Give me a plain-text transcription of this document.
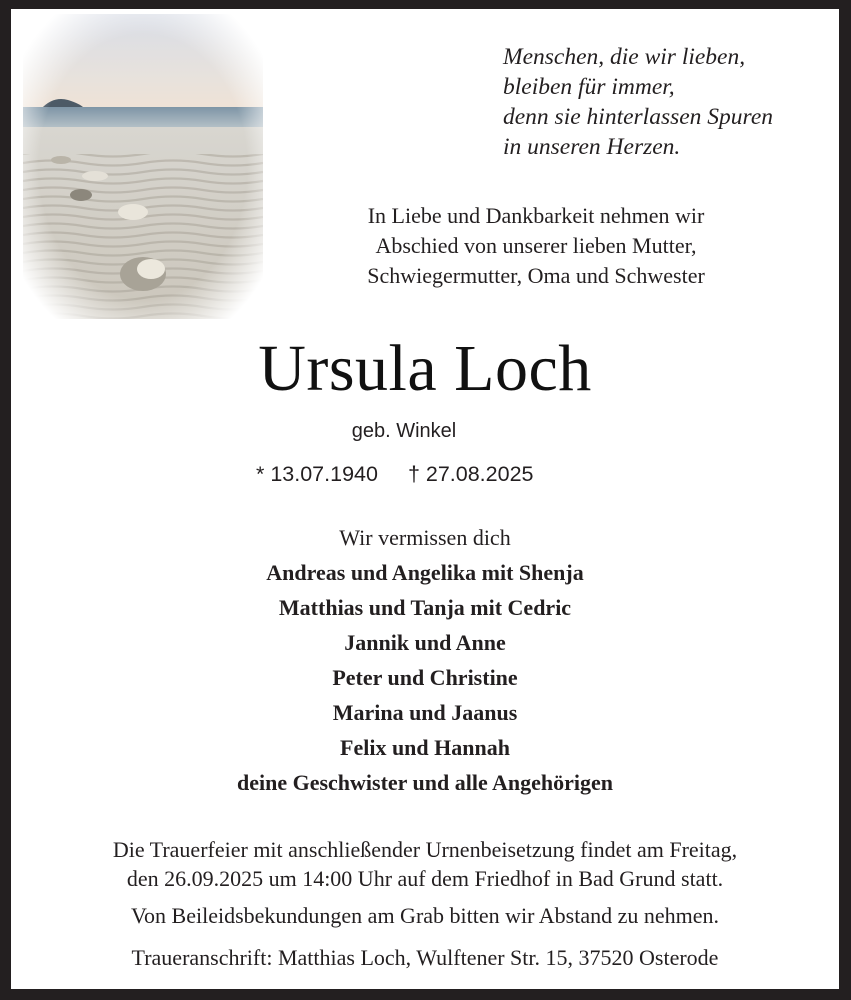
Menschen, die wir lieben,
bleiben für immer,
denn sie hinterlassen Spuren
in unseren Herzen.
In Liebe und Dankbarkeit nehmen wir
Abschied von unserer lieben Mutter,
Schwiegermutter, Oma und Schwester
Ursula Loch
geb. Winkel
* 13.07.1940 † 27.08.2025
Wir vermissen dich
Andreas und Angelika mit Shenja
Matthias und Tanja mit Cedric
Jannik und Anne
Peter und Christine
Marina und Jaanus
Felix und Hannah
deine Geschwister und alle Angehörigen
Die Trauerfeier mit anschließender Urnenbeisetzung findet am Freitag,
den 26.09.2025 um 14:00 Uhr auf dem Friedhof in Bad Grund statt.
Von Beileidsbekundungen am Grab bitten wir Abstand zu nehmen.
Traueranschrift: Matthias Loch, Wulftener Str. 15, 37520 Osterode
